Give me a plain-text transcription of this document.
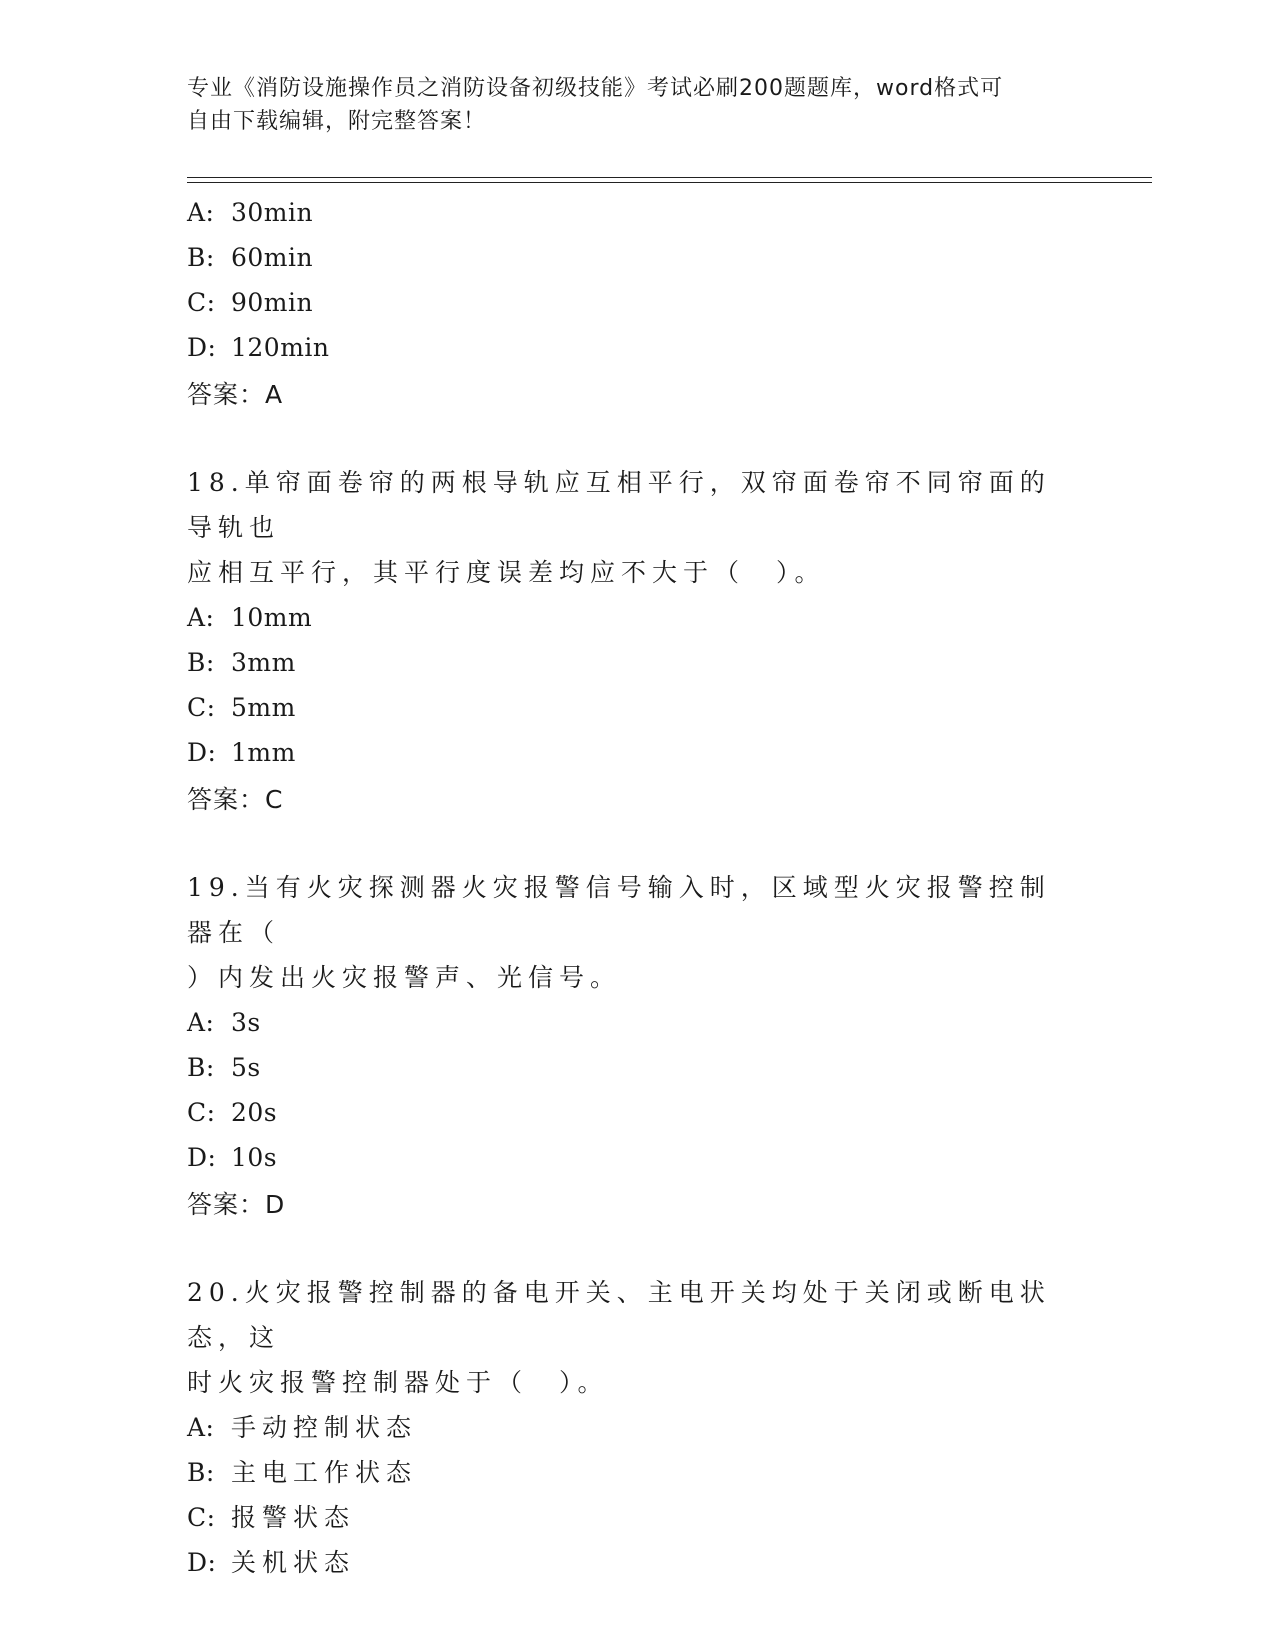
专业《消防设施操作员之消防设备初级技能》考试必刷200题题库，word格式可
自由下载编辑，附完整答案！
A: 30min
B: 60min
C: 90min
D: 120min
答案：A
18.单帘面卷帘的两根导轨应互相平行，双帘面卷帘不同帘面的导轨也
应相互平行，其平行度误差均应不大于（　）。
A: 10mm
B: 3mm
C: 5mm
D: 1mm
答案：C
19.当有火灾探测器火灾报警信号输入时，区域型火灾报警控制器在（
）内发出火灾报警声、光信号。
A: 3s
B: 5s
C: 20s
D: 10s
答案：D
20.火灾报警控制器的备电开关、主电开关均处于关闭或断电状态，这
时火灾报警控制器处于（　）。
A: 手动控制状态
B: 主电工作状态
C: 报警状态
D: 关机状态
